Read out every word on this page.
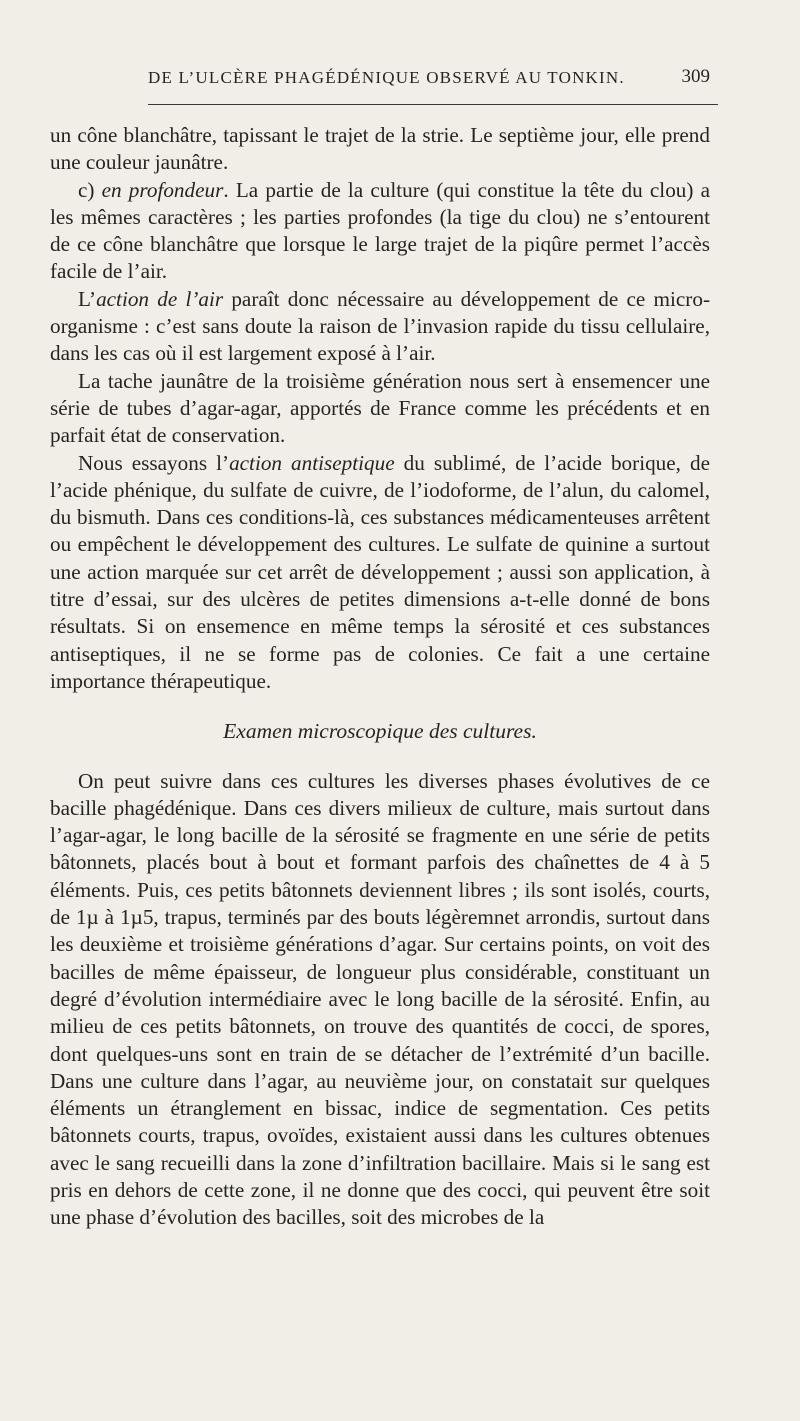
DE L’ULCÈRE PHAGÉDÉNIQUE OBSERVÉ AU TONKIN.	309

un cône blanchâtre, tapissant le trajet de la strie. Le septième jour, elle prend une couleur jaunâtre.

c) en profondeur. La partie de la culture (qui constitue la tête du clou) a les mêmes caractères ; les parties profondes (la tige du clou) ne s’entourent de ce cône blanchâtre que lorsque le large trajet de la piqûre permet l’accès facile de l’air.

L’action de l’air paraît donc nécessaire au développement de ce micro-organisme : c’est sans doute la raison de l’invasion rapide du tissu cellulaire, dans les cas où il est largement exposé à l’air.

La tache jaunâtre de la troisième génération nous sert à ensemencer une série de tubes d’agar-agar, apportés de France comme les précédents et en parfait état de conservation.

Nous essayons l’action antiseptique du sublimé, de l’acide borique, de l’acide phénique, du sulfate de cuivre, de l’iodoforme, de l’alun, du calomel, du bismuth. Dans ces conditions-là, ces substances médicamenteuses arrêtent ou empêchent le développement des cultures. Le sulfate de quinine a surtout une action marquée sur cet arrêt de développement ; aussi son application, à titre d’essai, sur des ulcères de petites dimensions a-t-elle donné de bons résultats. Si on ensemence en même temps la sérosité et ces substances antiseptiques, il ne se forme pas de colonies. Ce fait a une certaine importance thérapeutique.

Examen microscopique des cultures.

On peut suivre dans ces cultures les diverses phases évolutives de ce bacille phagédénique. Dans ces divers milieux de culture, mais surtout dans l’agar-agar, le long bacille de la sérosité se fragmente en une série de petits bâtonnets, placés bout à bout et formant parfois des chaînettes de 4 à 5 éléments. Puis, ces petits bâtonnets deviennent libres ; ils sont isolés, courts, de 1µ à 1µ5, trapus, terminés par des bouts légèremnet arrondis, surtout dans les deuxième et troisième générations d’agar. Sur certains points, on voit des bacilles de même épaisseur, de longueur plus considérable, constituant un degré d’évolution intermédiaire avec le long bacille de la sérosité. Enfin, au milieu de ces petits bâtonnets, on trouve des quantités de cocci, de spores, dont quelques-uns sont en train de se détacher de l’extrémité d’un bacille. Dans une culture dans l’agar, au neuvième jour, on constatait sur quelques éléments un étranglement en bissac, indice de segmentation. Ces petits bâtonnets courts, trapus, ovoïdes, existaient aussi dans les cultures obtenues avec le sang recueilli dans la zone d’infiltration bacillaire. Mais si le sang est pris en dehors de cette zone, il ne donne que des cocci, qui peuvent être soit une phase d’évolution des bacilles, soit des microbes de la
